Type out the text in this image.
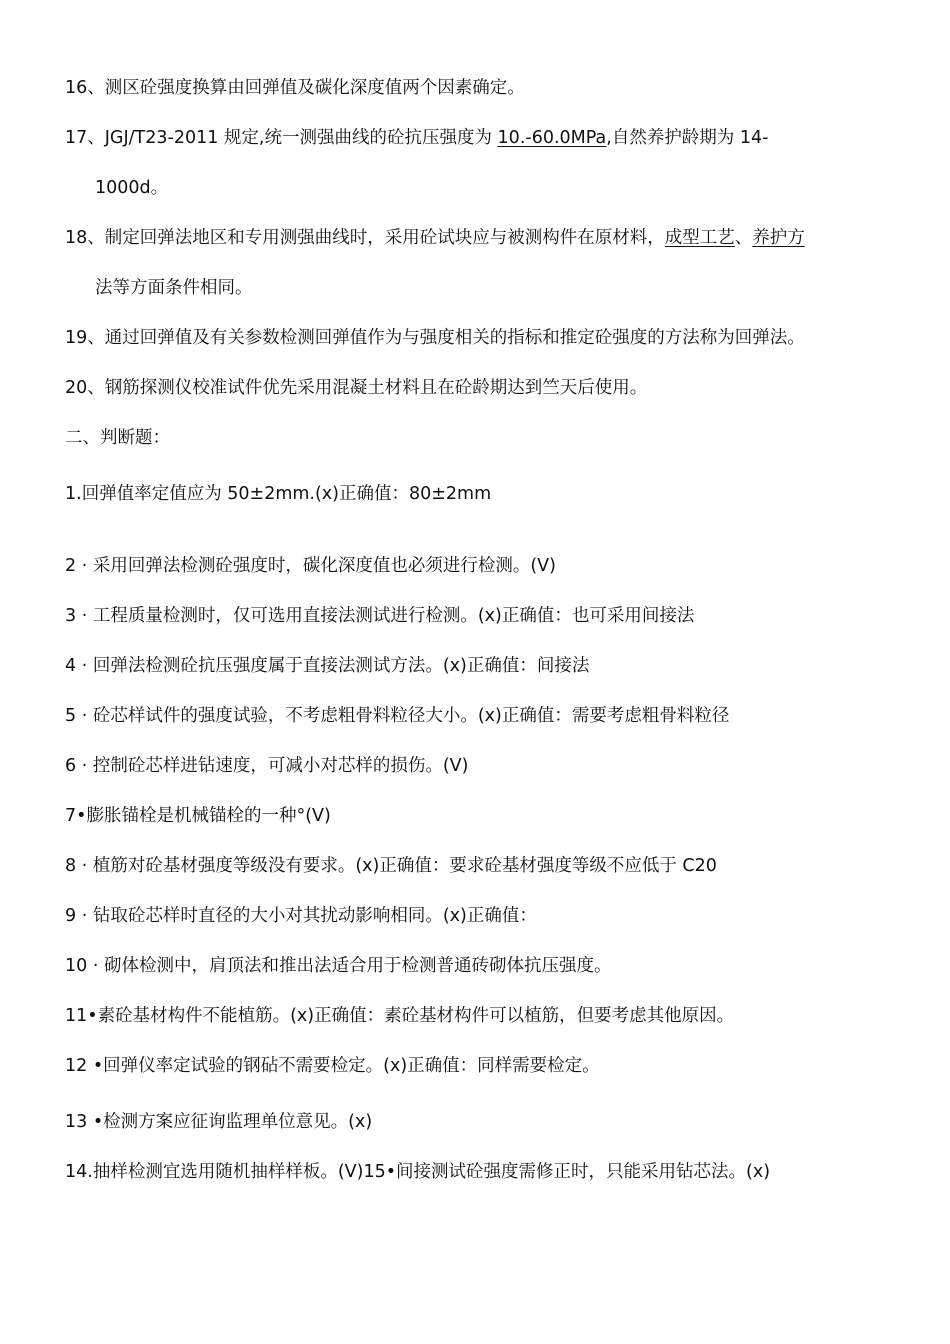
16、测区砼强度换算由回弹值及碳化深度值两个因素确定。
17、JGJ/T23-2011 规定,统一测强曲线的砼抗压强度为 10.-60.0MPa,自然养护龄期为 14-
1000d。
18、制定回弹法地区和专用测强曲线时，采用砼试块应与被测构件在原材料，成型工艺、养护方
法等方面条件相同。
19、通过回弹值及有关参数检测回弹值作为与强度相关的指标和推定砼强度的方法称为回弹法。
20、钢筋探测仪校准试件优先采用混凝土材料且在砼龄期达到竺天后使用。
二、判断题：
1.回弹值率定值应为 50±2mm.(x)正确值：80±2mm
2 · 采用回弹法检测砼强度时，碳化深度值也必须进行检测。(V)
3 · 工程质量检测时，仅可选用直接法测试进行检测。(x)正确值：也可采用间接法
4 · 回弹法检测砼抗压强度属于直接法测试方法。(x)正确值：间接法
5 · 砼芯样试件的强度试验，不考虑粗骨料粒径大小。(x)正确值：需要考虑粗骨料粒径
6 · 控制砼芯样进钻速度，可减小对芯样的损伤。(V)
7•膨胀锚栓是机械锚栓的一种°(V)
8 · 植筋对砼基材强度等级没有要求。(x)正确值：要求砼基材强度等级不应低于 C20
9 · 钻取砼芯样时直径的大小对其扰动影响相同。(x)正确值：
10 · 砌体检测中，肩顶法和推出法适合用于检测普通砖砌体抗压强度。
11•素砼基材构件不能植筋。(x)正确值：素砼基材构件可以植筋，但要考虑其他原因。
12 •回弹仪率定试验的钢砧不需要检定。(x)正确值：同样需要检定。
13 •检测方案应征询监理单位意见。(x)
14.抽样检测宜选用随机抽样样板。(V)15•间接测试砼强度需修正时，只能采用钻芯法。(x)
